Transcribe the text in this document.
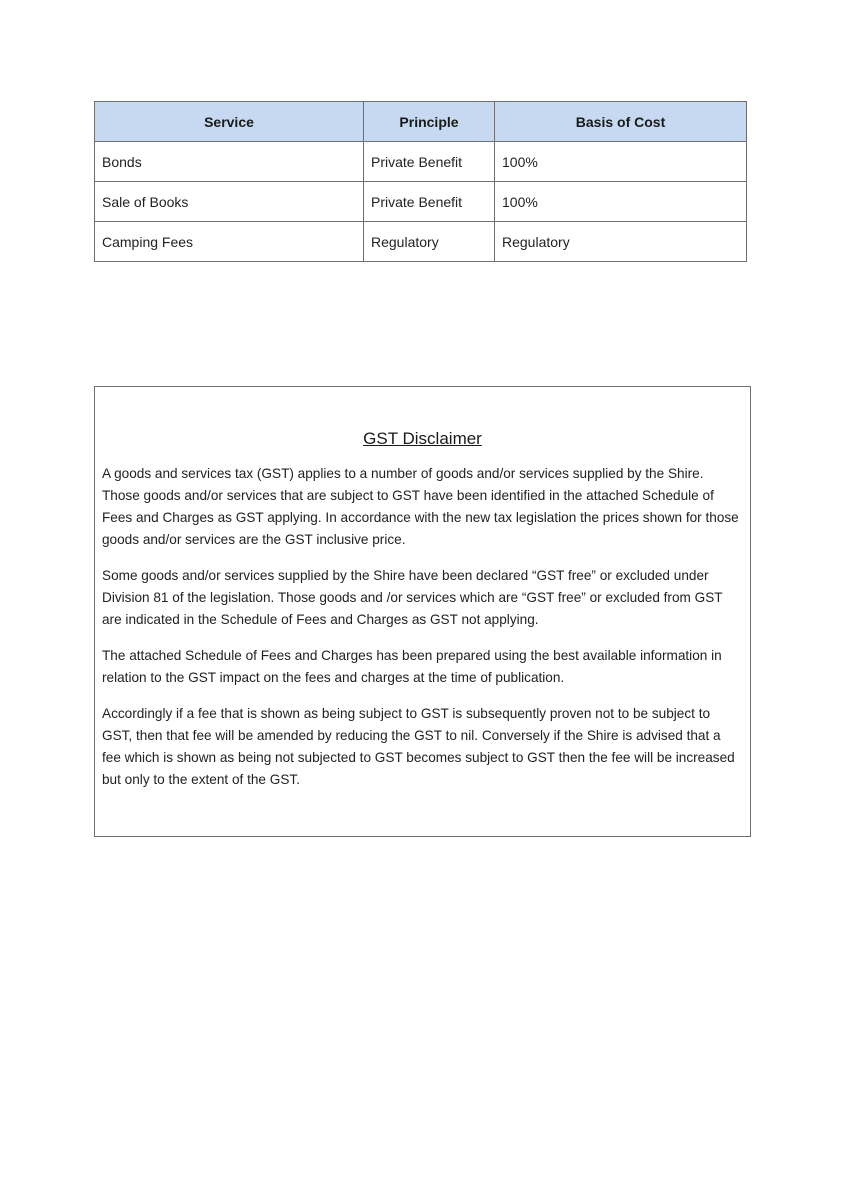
Service	Principle	Basis of Cost
Bonds	Private Benefit	100%
Sale of Books	Private Benefit	100%
Camping Fees	Regulatory	Regulatory
GST Disclaimer

A goods and services tax (GST) applies to a number of goods and/or services supplied by the Shire. Those goods and/or services that are subject to GST have been identified in the attached Schedule of Fees and Charges as GST applying. In accordance with the new tax legislation the prices shown for those goods and/or services are the GST inclusive price.

Some goods and/or services supplied by the Shire have been declared “GST free” or excluded under Division 81 of the legislation. Those goods and /or services which are “GST free” or excluded from GST are indicated in the Schedule of Fees and Charges as GST not applying.

The attached Schedule of Fees and Charges has been prepared using the best available information in relation to the GST impact on the fees and charges at the time of publication.

Accordingly if a fee that is shown as being subject to GST is subsequently proven not to be subject to GST, then that fee will be amended by reducing the GST to nil. Conversely if the Shire is advised that a fee which is shown as being not subjected to GST becomes subject to GST then the fee will be increased but only to the extent of the GST.
